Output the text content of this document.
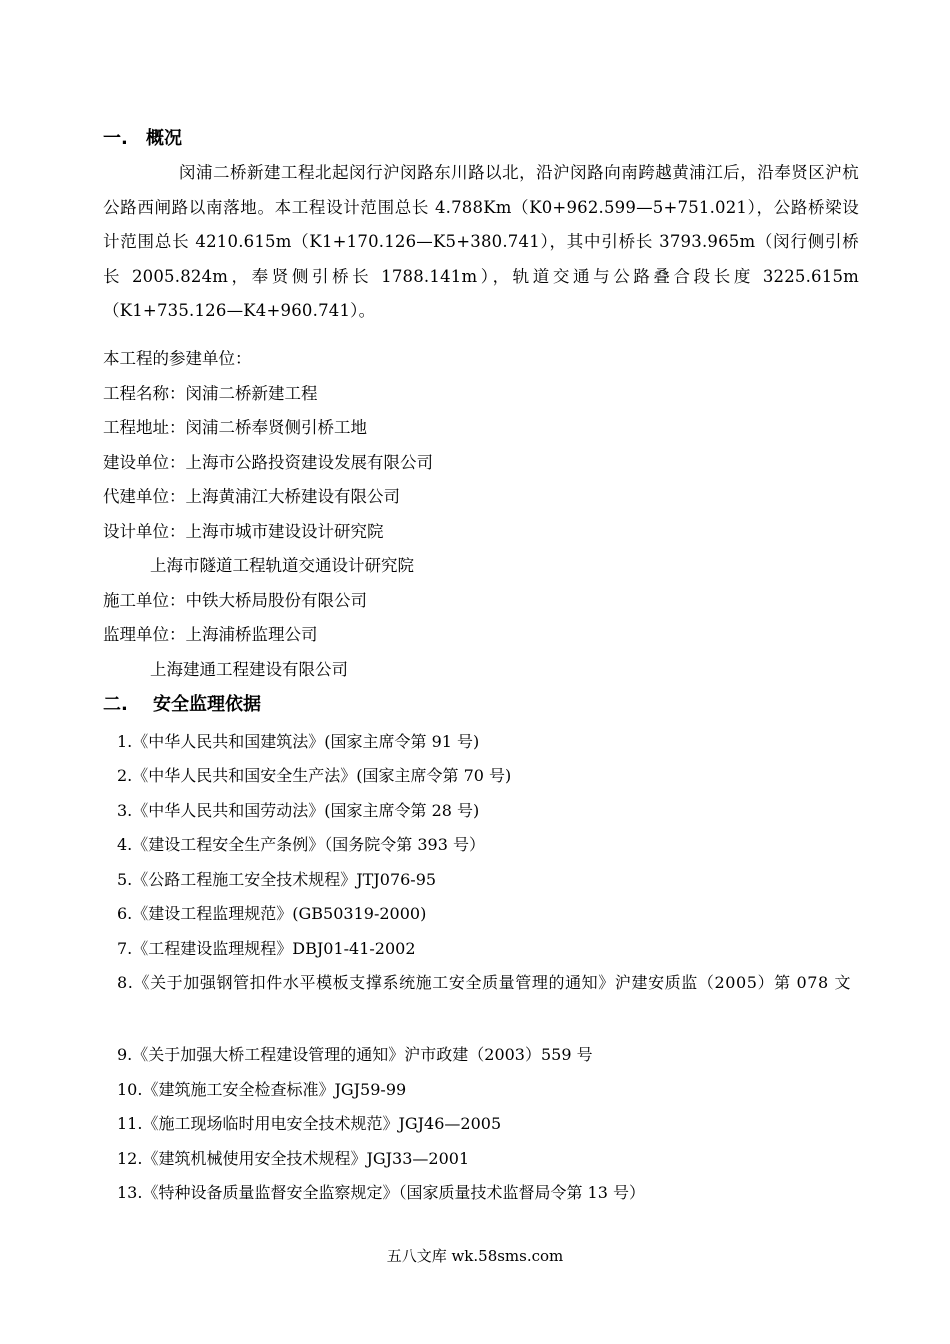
一. 概况
闵浦二桥新建工程北起闵行沪闵路东川路以北，沿沪闵路向南跨越黄浦江后，沿奉贤区沪杭公路西闸路以南落地。本工程设计范围总长 4.788Km（K0+962.599—5+751.021），公路桥梁设计范围总长 4210.615m（K1+170.126—K5+380.741），其中引桥长 3793.965m（闵行侧引桥长 2005.824m，奉贤侧引桥长 1788.141m），轨道交通与公路叠合段长度 3225.615m（K1+735.126—K4+960.741）。
本工程的参建单位：
工程名称：闵浦二桥新建工程
工程地址：闵浦二桥奉贤侧引桥工地
建设单位：上海市公路投资建设发展有限公司
代建单位：上海黄浦江大桥建设有限公司
设计单位：上海市城市建设设计研究院
上海市隧道工程轨道交通设计研究院
施工单位：中铁大桥局股份有限公司
监理单位：上海浦桥监理公司
上海建通工程建设有限公司
二. 安全监理依据
1.《中华人民共和国建筑法》(国家主席令第 91 号)
2.《中华人民共和国安全生产法》(国家主席令第 70 号)
3.《中华人民共和国劳动法》(国家主席令第 28 号)
4.《建设工程安全生产条例》（国务院令第 393 号）
5.《公路工程施工安全技术规程》JTJ076-95
6.《建设工程监理规范》(GB50319-2000)
7.《工程建设监理规程》DBJ01-41-2002
8.《关于加强钢管扣件水平模板支撑系统施工安全质量管理的通知》沪建安质监（2005）第 078 文
9.《关于加强大桥工程建设管理的通知》沪市政建（2003）559 号
10.《建筑施工安全检查标准》JGJ59-99
11.《施工现场临时用电安全技术规范》JGJ46—2005
12.《建筑机械使用安全技术规程》JGJ33—2001
13.《特种设备质量监督安全监察规定》（国家质量技术监督局令第 13 号）
五八文库 wk.58sms.com
